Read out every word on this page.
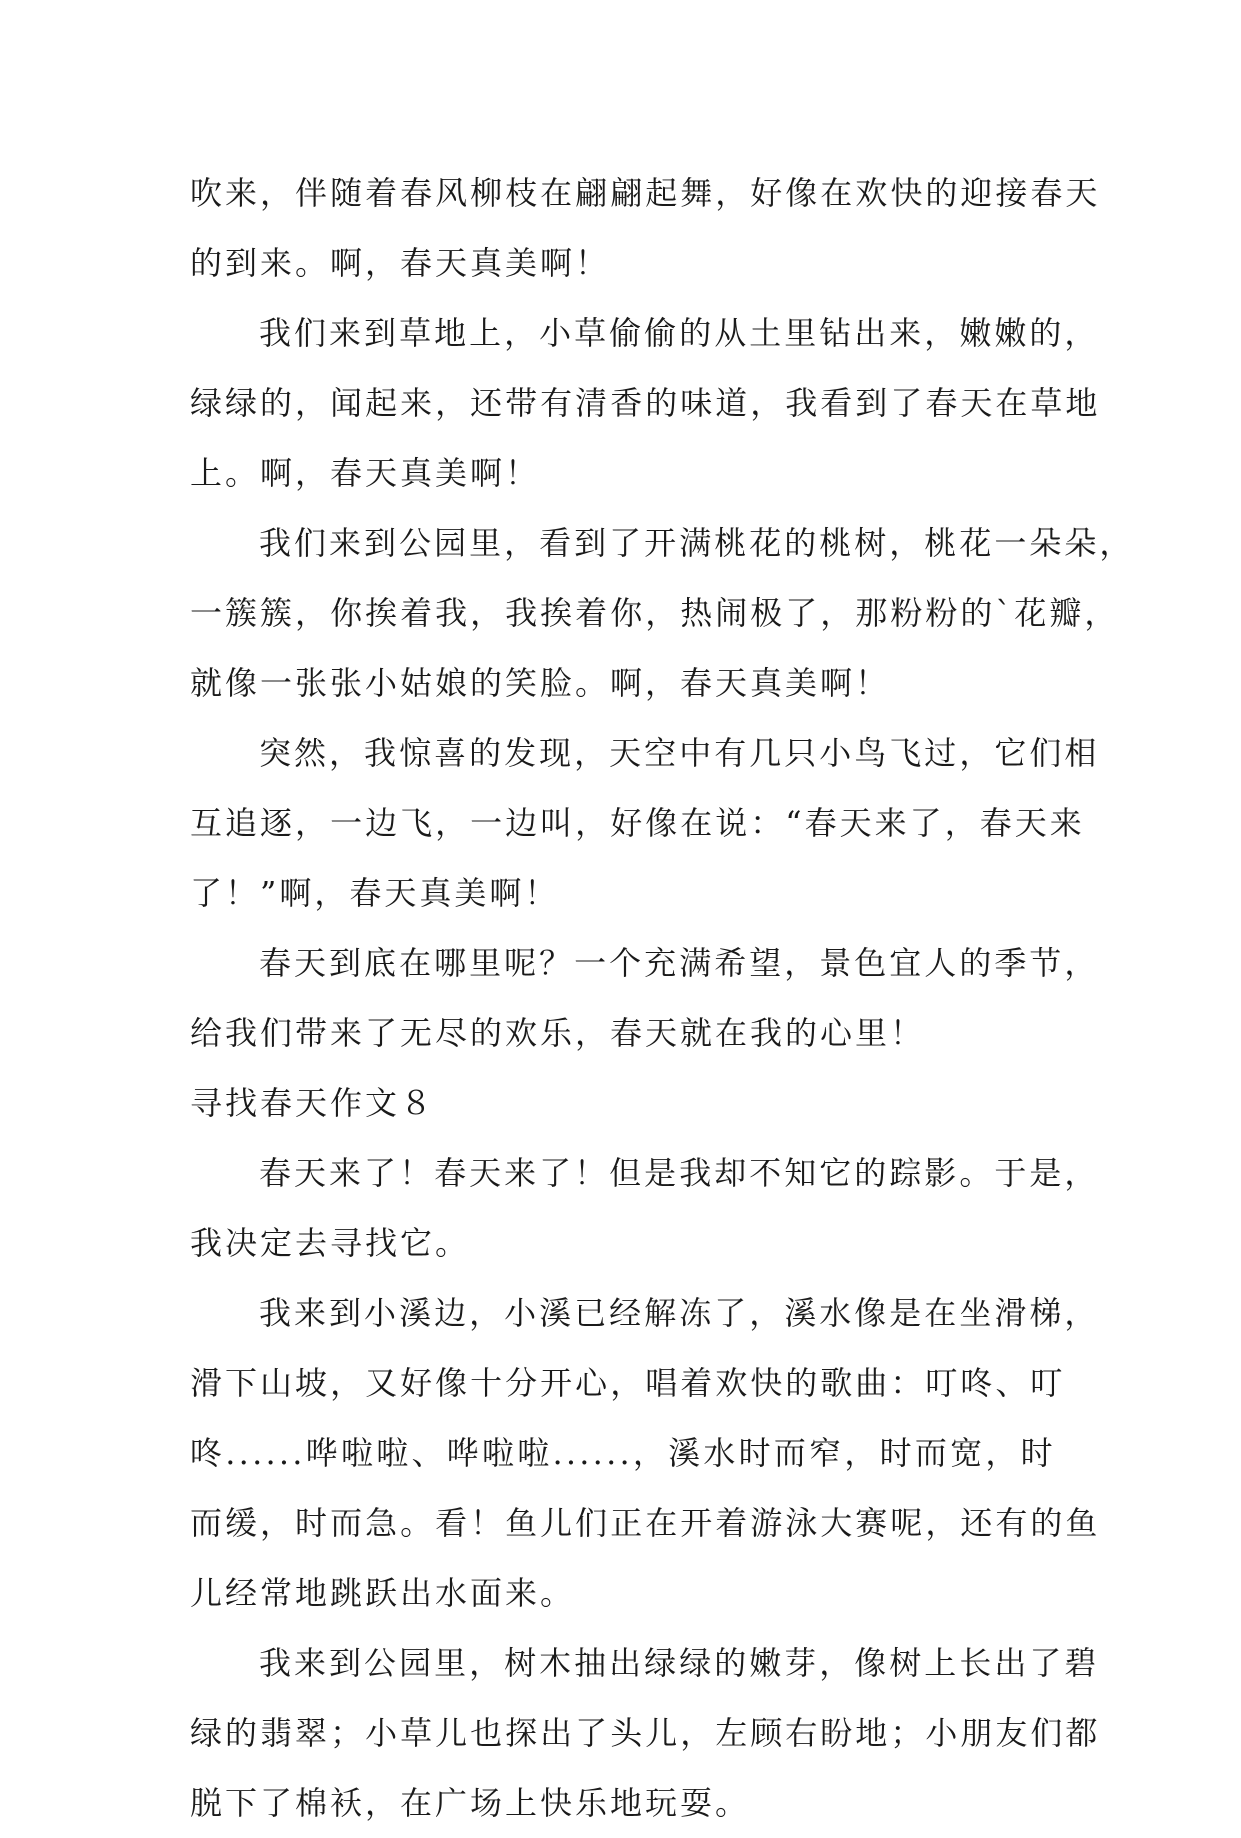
吹 来 ， 伴 随 着 春 风 柳 枝 在 翩 翩 起 舞 ， 好 像 在 欢 快 的 迎 接 春 天
的到来。啊，春天真美啊！
我 们 来 到 草 地 上 ， 小 草 偷 偷 的 从 土 里 钻 出 来 ， 嫩 嫩 的 ，
绿 绿 的 ， 闻 起 来 ， 还 带 有 清 香 的 味 道 ， 我 看 到 了 春 天 在 草 地
上。啊，春天真美啊！
我 们 来 到 公 园 里 ， 看 到 了 开 满 桃 花 的 桃 树 ， 桃 花 一 朵 朵 ，
一 簇 簇 ， 你 挨 着 我 ， 我 挨 着 你 ， 热 闹 极 了 ， 那 粉 粉 的 ` 花 瓣 ，
就像一张张小姑娘的笑脸。啊，春天真美啊！
突 然 ， 我 惊 喜 的 发 现 ， 天 空 中 有 几 只 小 鸟 飞 过 ， 它 们 相
互 追 逐 ， 一 边 飞 ， 一 边 叫 ， 好 像 在 说 ： “ 春 天 来 了 ， 春 天 来
了！”啊，春天真美啊！
春 天 到 底 在 哪 里 呢 ？ 一 个 充 满 希 望 ， 景 色 宜 人 的 季 节 ，
给我们带来了无尽的欢乐，春天就在我的心里！
寻找春天作文８
春 天 来 了 ！ 春 天 来 了 ！ 但 是 我 却 不 知 它 的 踪 影 。 于 是 ，
我决定去寻找它。
我 来 到 小 溪 边 ， 小 溪 已 经 解 冻 了 ， 溪 水 像 是 在 坐 滑 梯 ，
滑 下 山 坡 ， 又 好 像 十 分 开 心 ， 唱 着 欢 快 的 歌 曲 ： 叮 咚 、 叮
咚 . . . . . . 哗 啦 啦 、 哗 啦 啦 . . . . . . ， 溪 水 时 而 窄 ， 时 而 宽 ， 时
而 缓 ， 时 而 急 。 看 ！ 鱼 儿 们 正 在 开 着 游 泳 大 赛 呢 ， 还 有 的 鱼
儿经常地跳跃出水面来。
我 来 到 公 园 里 ， 树 木 抽 出 绿 绿 的 嫩 芽 ， 像 树 上 长 出 了 碧
绿 的 翡 翠 ； 小 草 儿 也 探 出 了 头 儿 ， 左 顾 右 盼 地 ； 小 朋 友 们 都
脱下了棉袄，在广场上快乐地玩耍。
